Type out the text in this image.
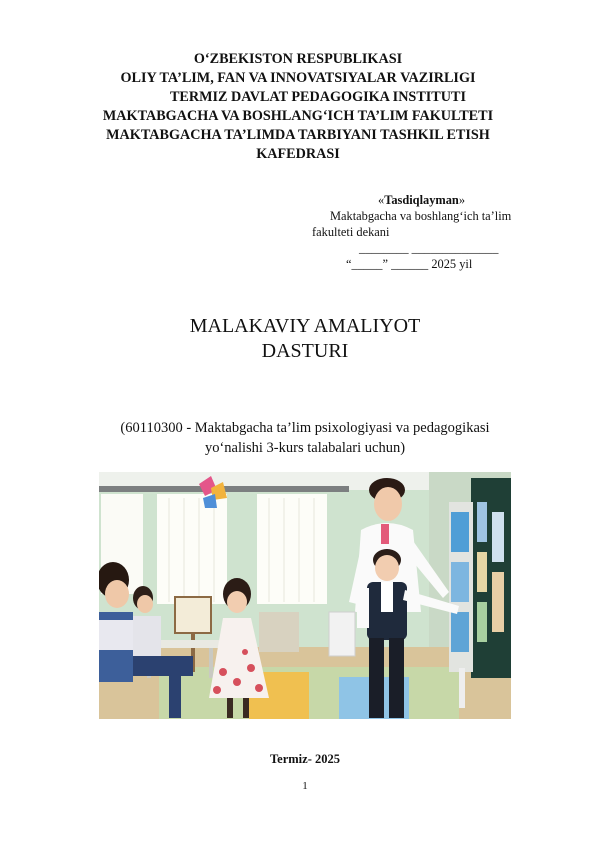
O‘ZBEKISTON RESPUBLIKASI
OLIY TA’LIM, FAN VA INNOVATSIYALAR VAZIRLIGI
TERMIZ DAVLAT PEDAGOGIKA INSTITUTI
MAKTABGACHA VA BOSHLANG‘ICH TA’LIM FAKULTETI
MAKTABGACHA TA’LIMDA TARBIYANI TASHKIL ETISH
KAFEDRASI
«Tasdiqlayman»
Maktabgacha va boshlang‘ich ta’lim
fakulteti dekani
________ ______________
“_____” ______ 2025 yil
MALAKAVIY AMALIYOT
DASTURI
(60110300 - Maktabgacha ta’lim psixologiyasi va pedagogikasi
yo‘nalishi 3-kurs talabalari uchun)
Termiz- 2025
1
